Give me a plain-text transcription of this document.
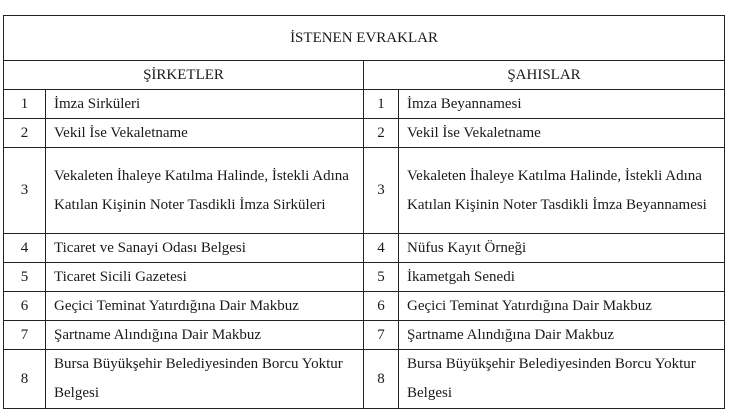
İSTENEN EVRAKLAR			
ŞİRKETLER		ŞAHISLAR	
1	İmza Sirküleri	1	İmza Beyannamesi
2	Vekil İse Vekaletname	2	Vekil İse Vekaletname
3	Vekaleten İhaleye Katılma Halinde, İstekli Adına Katılan Kişinin Noter Tasdikli İmza Sirküleri	3	Vekaleten İhaleye Katılma Halinde, İstekli Adına Katılan Kişinin Noter Tasdikli İmza Beyannamesi
4	Ticaret ve Sanayi Odası Belgesi	4	Nüfus Kayıt Örneği
5	Ticaret Sicili Gazetesi	5	İkametgah Senedi
6	Geçici Teminat Yatırdığına Dair Makbuz	6	Geçici Teminat Yatırdığına Dair Makbuz
7	Şartname Alındığına Dair Makbuz	7	Şartname Alındığına Dair Makbuz
8	Bursa Büyükşehir Belediyesinden Borcu Yoktur Belgesi	8	Bursa Büyükşehir Belediyesinden Borcu Yoktur Belgesi
